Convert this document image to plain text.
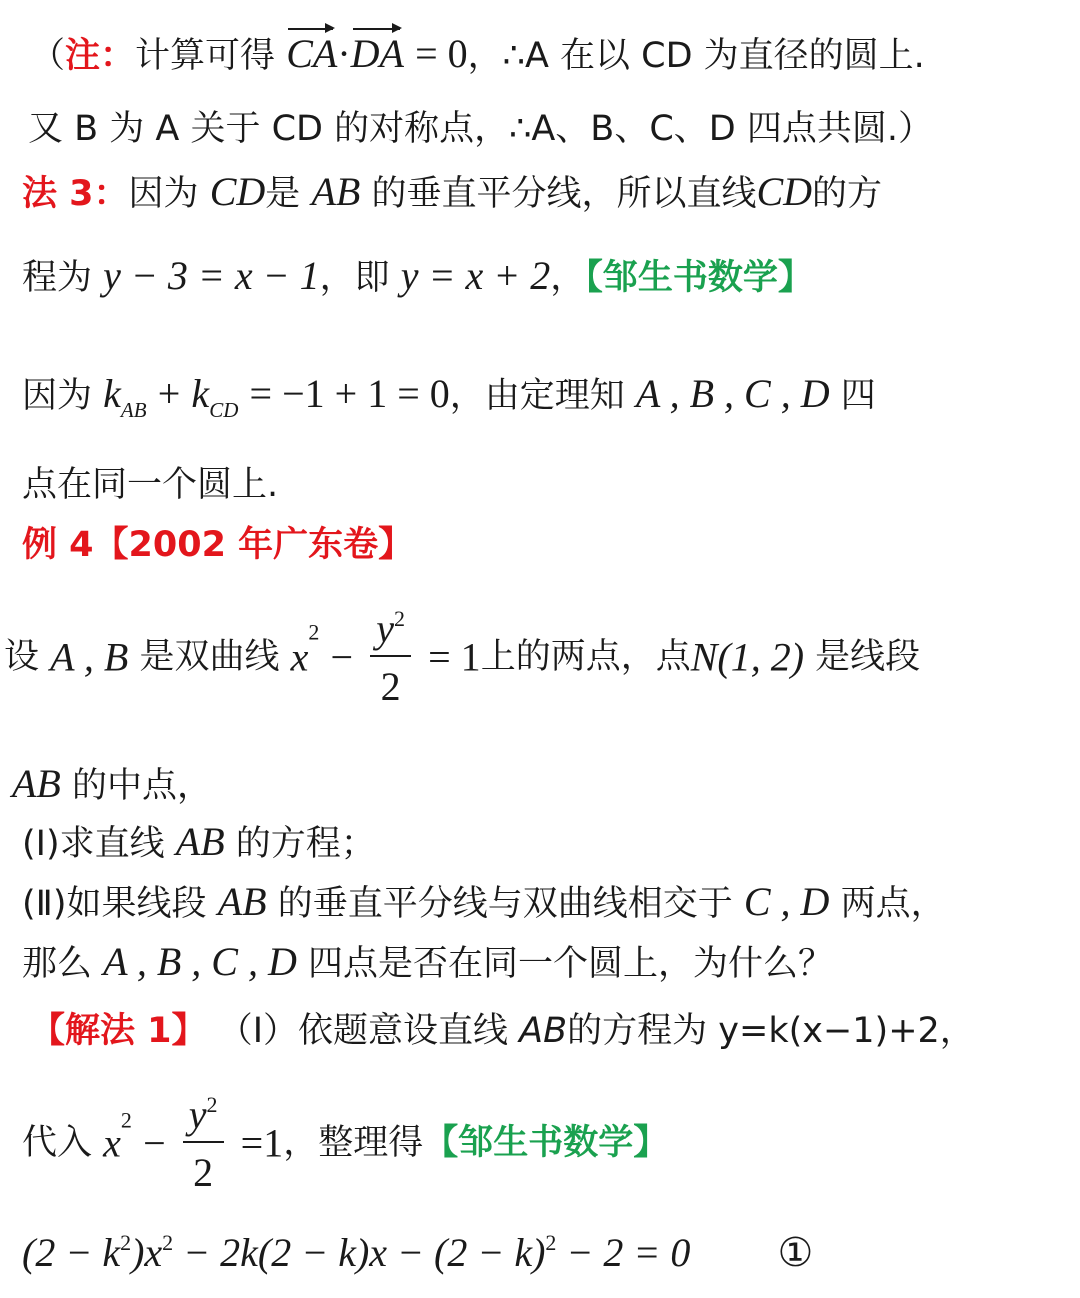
（注：计算可得 CA·DA = 0，∴A 在以 CD 为直径的圆上.
又 B 为 A 关于 CD 的对称点，∴A、B、C、D 四点共圆.）
法 3：因为 CD是 AB 的垂直平分线，所以直线CD的方
程为 y − 3 = x − 1，即 y = x + 2，【邹生书数学】
因为 $k_{AB} + k_{CD} = -1 + 1 = 0$，由定理知 A , B , C , D 四
点在同一个圆上.
例 4【2002 年广东卷】
设 A , B 是双曲线 $x^2 - \frac{y^2}{2} = 1$上的两点，点N(1, 2) 是线段
AB 的中点，
(Ⅰ)求直线 AB 的方程；
(Ⅱ)如果线段 AB 的垂直平分线与双曲线相交于 C , D 两点，
那么 A , B , C , D 四点是否在同一个圆上，为什么？
【解法 1】 （Ⅰ）依题意设直线 AB的方程为 y=k(x−1)+2，
代入 $x^2 - \frac{y^2}{2} =1$，整理得【邹生书数学】
$(2 - k^2)x^2 - 2k(2 - k)x - (2 - k)^2 - 2 = 0$ ①
